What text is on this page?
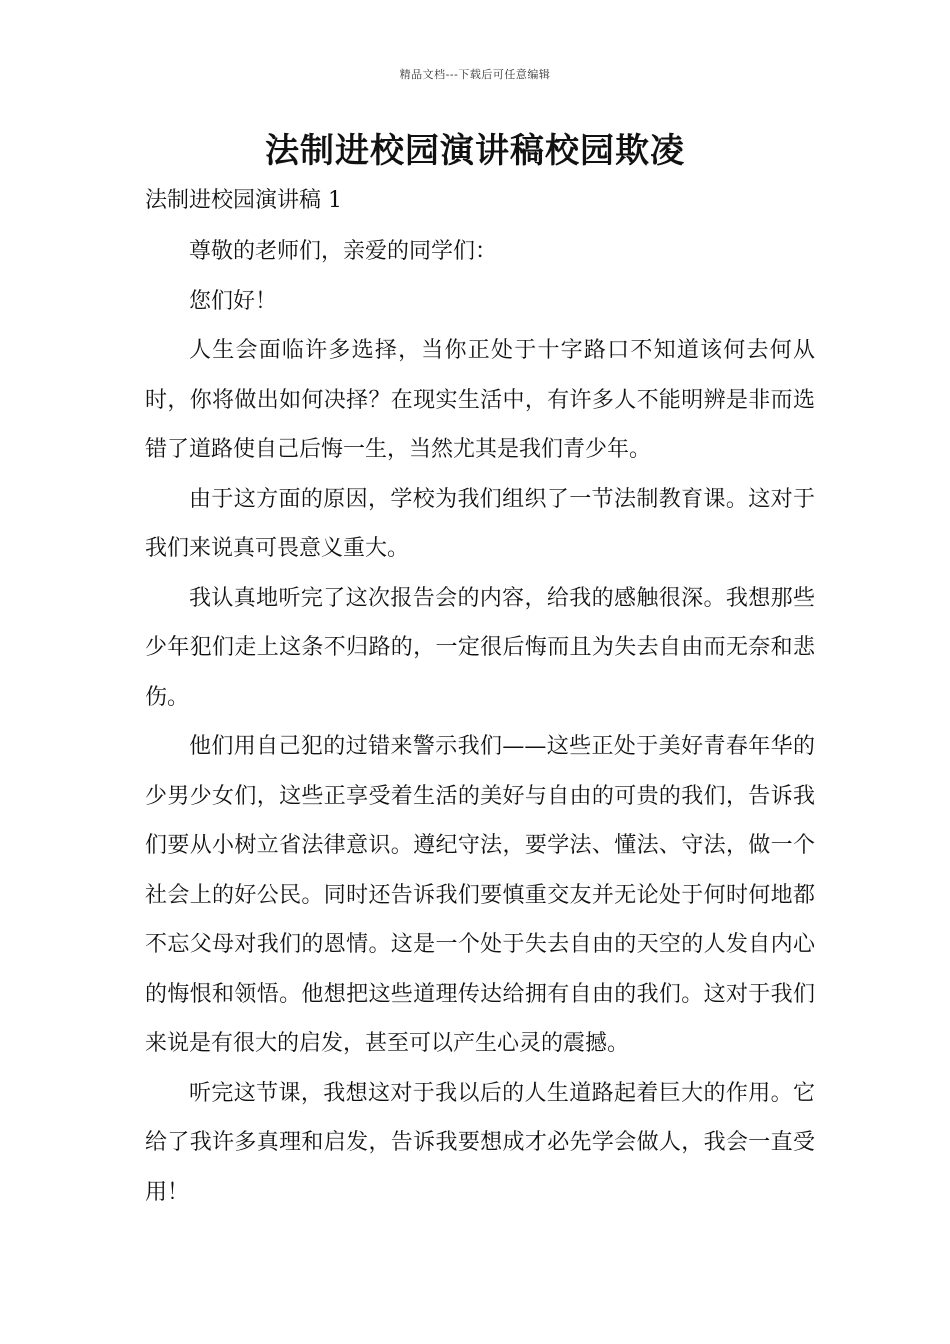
精品文档---下载后可任意编辑
法制进校园演讲稿校园欺凌

法制进校园演讲稿 1

尊敬的老师们，亲爱的同学们：

您们好！

人生会面临许多选择，当你正处于十字路口不知道该何去何从时，你将做出如何决择？在现实生活中，有许多人不能明辨是非而选错了道路使自己后悔一生，当然尤其是我们青少年。

由于这方面的原因，学校为我们组织了一节法制教育课。这对于我们来说真可畏意义重大。

我认真地听完了这次报告会的内容，给我的感触很深。我想那些少年犯们走上这条不归路的，一定很后悔而且为失去自由而无奈和悲伤。

他们用自己犯的过错来警示我们——这些正处于美好青春年华的少男少女们，这些正享受着生活的美好与自由的可贵的我们，告诉我们要从小树立省法律意识。遵纪守法，要学法、懂法、守法，做一个社会上的好公民。同时还告诉我们要慎重交友并无论处于何时何地都不忘父母对我们的恩情。这是一个处于失去自由的天空的人发自内心的悔恨和领悟。他想把这些道理传达给拥有自由的我们。这对于我们来说是有很大的启发，甚至可以产生心灵的震撼。

听完这节课，我想这对于我以后的人生道路起着巨大的作用。它给了我许多真理和启发，告诉我要想成才必先学会做人，我会一直受用！
